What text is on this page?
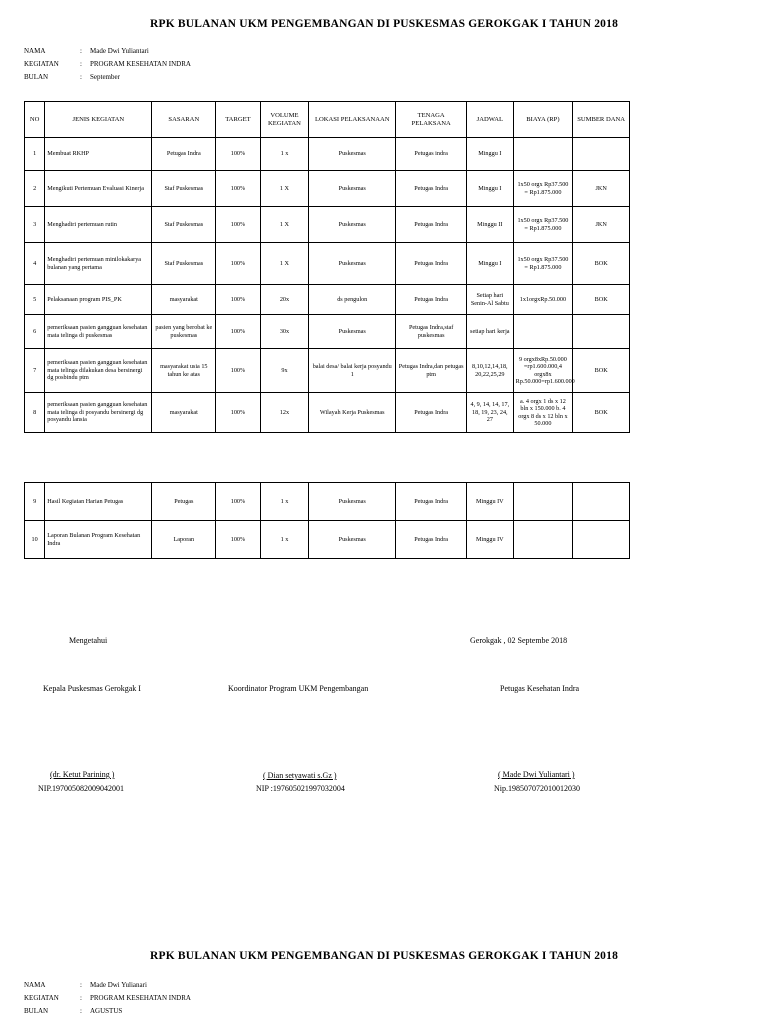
RPK BULANAN UKM PENGEMBANGAN DI PUSKESMAS GEROKGAK I TAHUN 2018
NAMA	:	Made Dwi Yuliantari
KEGIATAN	:	PROGRAM KESEHATAN INDRA
BULAN	:	September
NO	JENIS KEGIATAN	SASARAN	TARGET	VOLUME KEGIATAN	LOKASI PELAKSANAAN	TENAGA PELAKSANA	JADWAL	BIAYA (RP)	SUMBER DANA
1	Membuat RKHP	Petugas Indra	100%	1 x	Puskesmas	Petugas indra	Minggu I		
2	Mengikuti Pertemuan Evaluasi Kinerja	Staf Puskesmas	100%	1 X	Puskesmas	Petugas Indra	Minggu I	1x50 orgx Rp37.500 = Rp1.875.000	JKN
3	Menghadiri pertemuan rutin	Staf Puskesmas	100%	1 X	Puskesmas	Petugas Indra	Minggu II	1x50 orgx Rp37.500 = Rp1.875.000	JKN
4	Menghadiri pertemuan minilokakarya bulanan yang pertama	Staf Puskesmas	100%	1 X	Puskesmas	Petugas Indra	Minggu I	1x50 orgx Rp37.500 = Rp1.875.000	BOK
5	Pelaksanaan program PIS_PK	masyarakat	100%	20x	ds pengulon	Petugas Indra	Setiap hari Senin-Al Sabtu	1x1orgxRp.50.000	BOK
6	pemeriksaan pasien gangguan kesehatan mata telinga di puskesmas	pasien yang berobat ke puskesmas	100%	30x	Puskesmas	Petugas Indra,staf puskesmas	setiap hari kerja		
7	pemeriksaan pasien gangguan kesehatan mata telinga dilakukan desa bersinergi dg posbindu ptm	masyarakat usia 15 tahun ke atas	100%	9x	balai desa/ balai kerja posyandu 1	Petugas Indra,dan petugas ptm	8,10,12,14,18, 20,22,25,29	9 orgx8xRp.50.000 =rp1.600.000,4 orgx8x Rp.50.000=rp1.600.000	BOK
8	pemeriksaan pasien gangguan kesehatan mata telinga di posyandu bersinergi dg posyandu lansia	masyarakat	100%	12x	Wilayah Kerja Puskesmas	Petugas Indra	4, 9, 14, 14, 17, 18, 19, 23, 24, 27	a. 4 orgx 1 ds x 12 bln x 150.000 b. 4 orgx 8 ds x 12 bln x 50.000	BOK
9	Hasil Kegiatan Harian Petugas	Petugas	100%	1 x	Puskesmas	Petugas Indra	Minggu IV		
10	Laporan Bulanan Program Kesehatan Indra	Laporan	100%	1 x	Puskesmas	Petugas Indra	Minggu IV		
Mengetahui	Gerokgak , 02 Septembe 2018
Kepala Puskesmas Gerokgak I	Koordinator Program UKM Pengembangan	Petugas Kesehatan Indra
(dr. Ketut Parining )	( Dian setyawati s.Gz )	( Made Dwi Yuliantari )
NIP.197005082009042001	NIP :197605021997032004	Nip.198507072010012030
RPK BULANAN UKM PENGEMBANGAN DI PUSKESMAS GEROKGAK I TAHUN 2018
NAMA	:	Made Dwi Yulianari
KEGIATAN	:	PROGRAM KESEHATAN INDRA
BULAN	:	AGUSTUS
